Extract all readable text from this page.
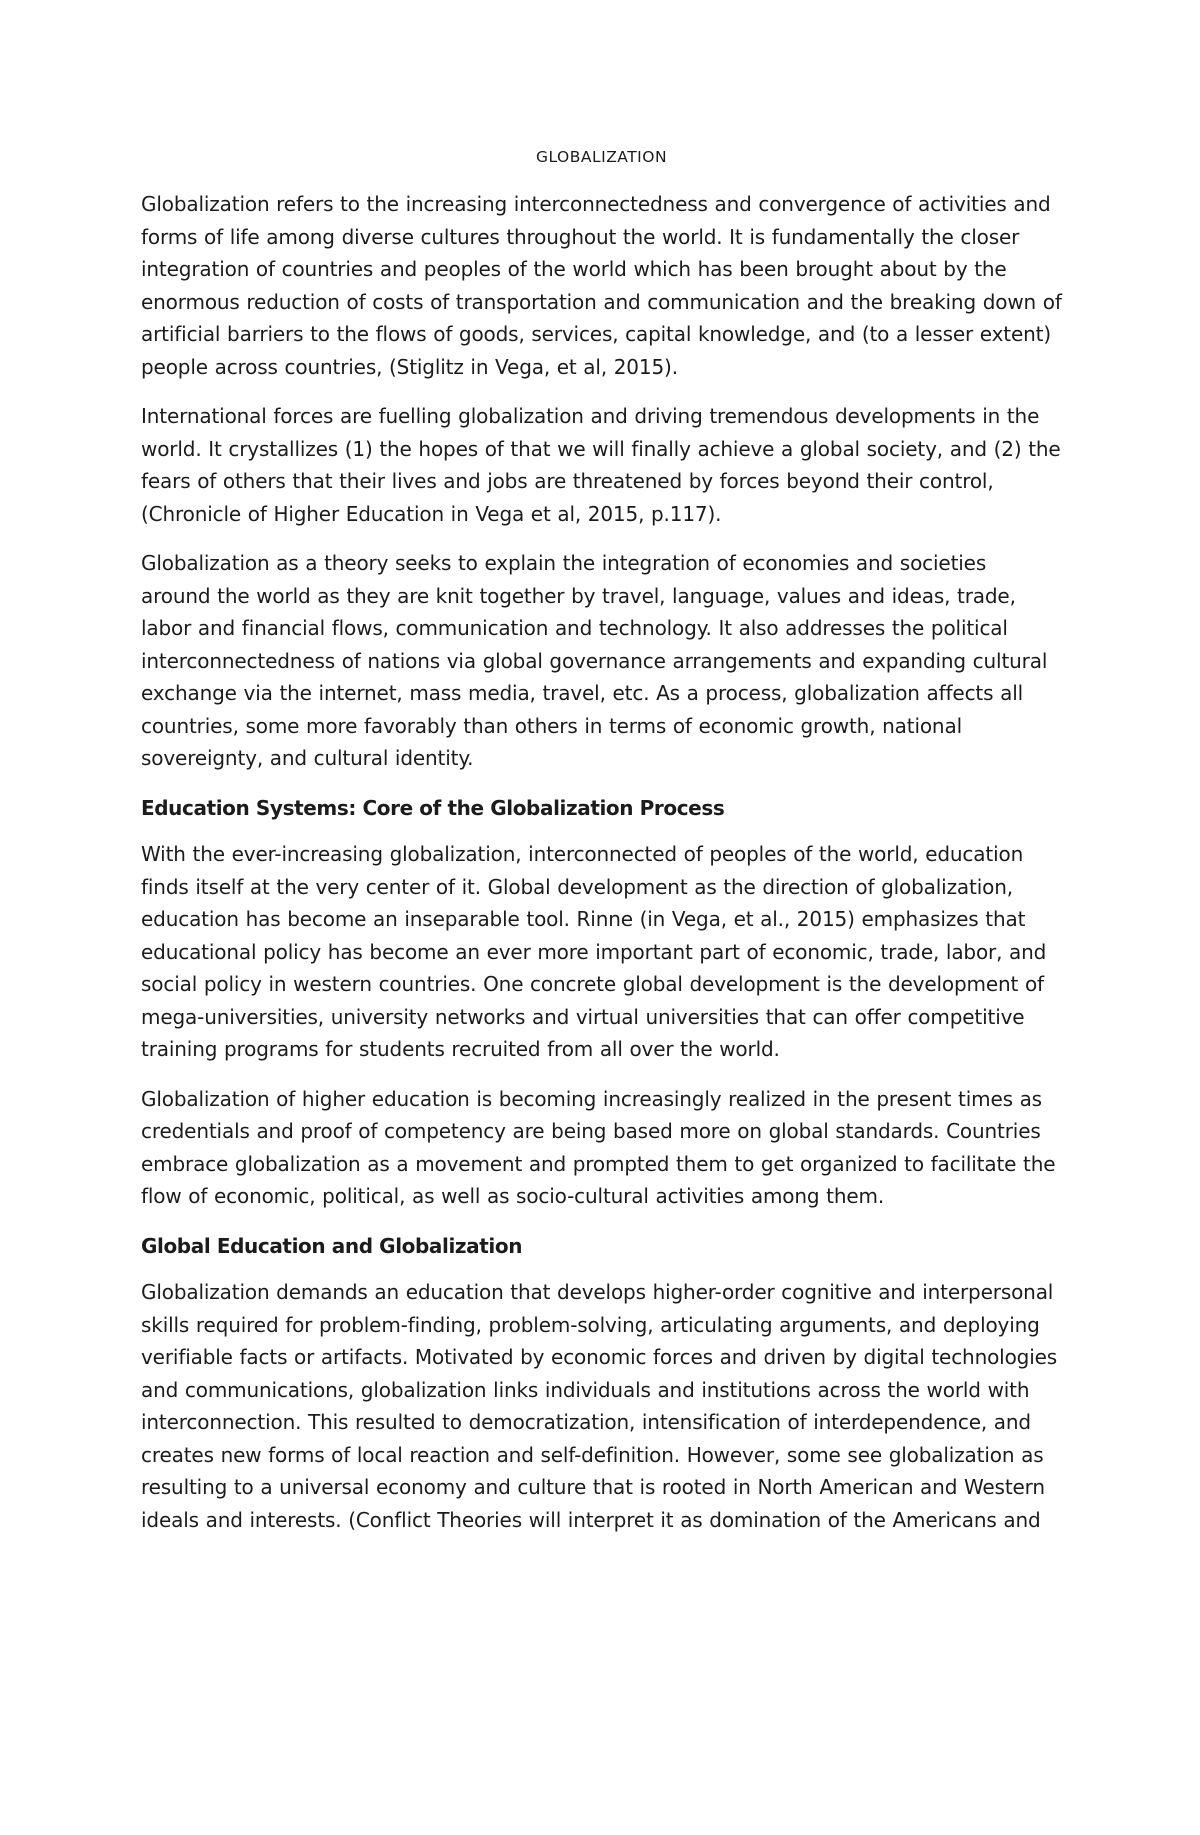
GLOBALIZATION

Globalization refers to the increasing interconnectedness and convergence of activities and forms of life among diverse cultures throughout the world. It is fundamentally the closer integration of countries and peoples of the world which has been brought about by the enormous reduction of costs of transportation and communication and the breaking down of artificial barriers to the flows of goods, services, capital knowledge, and (to a lesser extent) people across countries, (Stiglitz in Vega, et al, 2015).

International forces are fuelling globalization and driving tremendous developments in the world. It crystallizes (1) the hopes of that we will finally achieve a global society, and (2) the fears of others that their lives and jobs are threatened by forces beyond their control, (Chronicle of Higher Education in Vega et al, 2015, p.117).

Globalization as a theory seeks to explain the integration of economies and societies around the world as they are knit together by travel, language, values and ideas, trade, labor and financial flows, communication and technology. It also addresses the political interconnectedness of nations via global governance arrangements and expanding cultural exchange via the internet, mass media, travel, etc. As a process, globalization affects all countries, some more favorably than others in terms of economic growth, national sovereignty, and cultural identity.

Education Systems: Core of the Globalization Process

With the ever-increasing globalization, interconnected of peoples of the world, education finds itself at the very center of it. Global development as the direction of globalization, education has become an inseparable tool. Rinne (in Vega, et al., 2015) emphasizes that educational policy has become an ever more important part of economic, trade, labor, and social policy in western countries. One concrete global development is the development of mega-universities, university networks and virtual universities that can offer competitive training programs for students recruited from all over the world.

Globalization of higher education is becoming increasingly realized in the present times as credentials and proof of competency are being based more on global standards. Countries embrace globalization as a movement and prompted them to get organized to facilitate the flow of economic, political, as well as socio-cultural activities among them.

Global Education and Globalization

Globalization demands an education that develops higher-order cognitive and interpersonal skills required for problem-finding, problem-solving, articulating arguments, and deploying verifiable facts or artifacts. Motivated by economic forces and driven by digital technologies and communications, globalization links individuals and institutions across the world with interconnection. This resulted to democratization, intensification of interdependence, and creates new forms of local reaction and self-definition. However, some see globalization as resulting to a universal economy and culture that is rooted in North American and Western ideals and interests. (Conflict Theories will interpret it as domination of the Americans and
